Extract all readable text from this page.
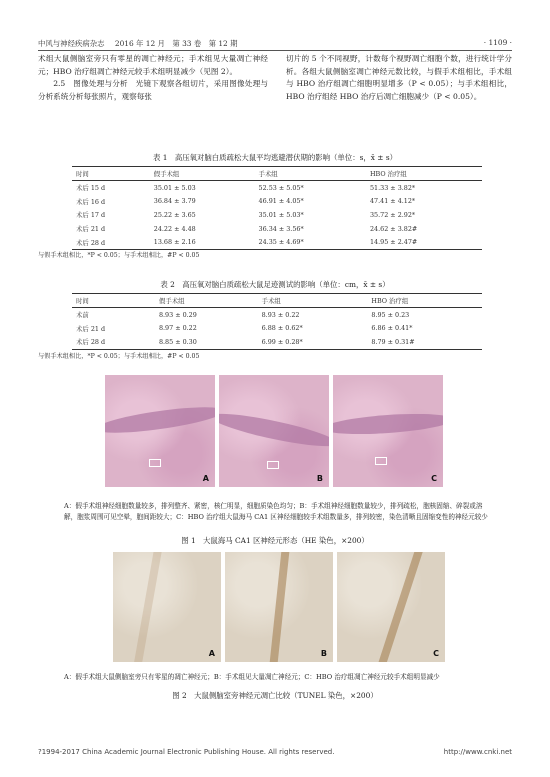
中风与神经疾病杂志 2016 年 12 月　第 33 卷　第 12 期	· 1109 ·

术组大鼠侧脑室旁只有零星的凋亡神经元；手术组见大量凋亡神经元；HBO 治疗组凋亡神经元较手术组明显减少（见图 2）。

2.5　图像处理与分析　光镜下观察各组切片，采用图像处理与分析系统分析每张照片，观察每张

切片的 5 个不同视野，计数每个视野凋亡细胞个数，进行统计学分析。各组大鼠侧脑室凋亡神经元数比较，与假手术组相比，手术组与 HBO 治疗组凋亡细胞明显增多（P < 0.05）；与手术组相比，HBO 治疗组经 HBO 治疗后凋亡细胞减少（P < 0.05）。

表 1　高压氧对脑白质疏松大鼠平均逃避潜伏期的影响（单位：s，x̄ ± s）
时间	假手术组	手术组	HBO 治疗组
术后 15 d	35.01 ± 5.03	52.53 ± 5.05*	51.33 ± 3.82*
术后 16 d	36.84 ± 3.79	46.91 ± 4.05*	47.41 ± 4.12*
术后 17 d	25.22 ± 3.65	35.01 ± 5.03*	35.72 ± 2.92*
术后 21 d	24.22 ± 4.48	36.34 ± 3.56*	24.62 ± 3.82#
术后 28 d	13.68 ± 2.16	24.35 ± 4.69*	14.95 ± 2.47#
与假手术组相比，*P < 0.05；与手术组相比，#P < 0.05
表 2　高压氧对脑白质疏松大鼠足迹测试的影响（单位：cm，x̄ ± s）
时间	假手术组	手术组	HBO 治疗组
术前	8.93 ± 0.29	8.93 ± 0.22	8.95 ± 0.23
术后 21 d	8.97 ± 0.22	6.88 ± 0.62*	6.86 ± 0.41*
术后 28 d	8.85 ± 0.30	6.99 ± 0.28*	8.79 ± 0.31#
与假手术组相比，*P < 0.05；与手术组相比，#P < 0.05
A	B	C
A：假手术组神经细胞数量较多，排列整齐、紧密，核仁明显，细胞质染色均匀；B：手术组神经细胞数量较少，排列疏松，胞核固缩、碎裂或溶解，胞浆周围可见空晕，胞间距较大；C：HBO 治疗组大鼠海马 CA1 区神经细胞较手术组数量多，排列较密，染色清晰且固缩变性的神经元较少
图 1　大鼠海马 CA1 区神经元形态（HE 染色，×200）
A	B	C
A：假手术组大鼠侧脑室旁只有零星的凋亡神经元；B：手术组见大量凋亡神经元；C：HBO 治疗组凋亡神经元较手术组明显减少
图 2　大鼠侧脑室旁神经元凋亡比较（TUNEL 染色，×200）
?1994-2017 China Academic Journal Electronic Publishing House. All rights reserved.	http://www.cnki.net
